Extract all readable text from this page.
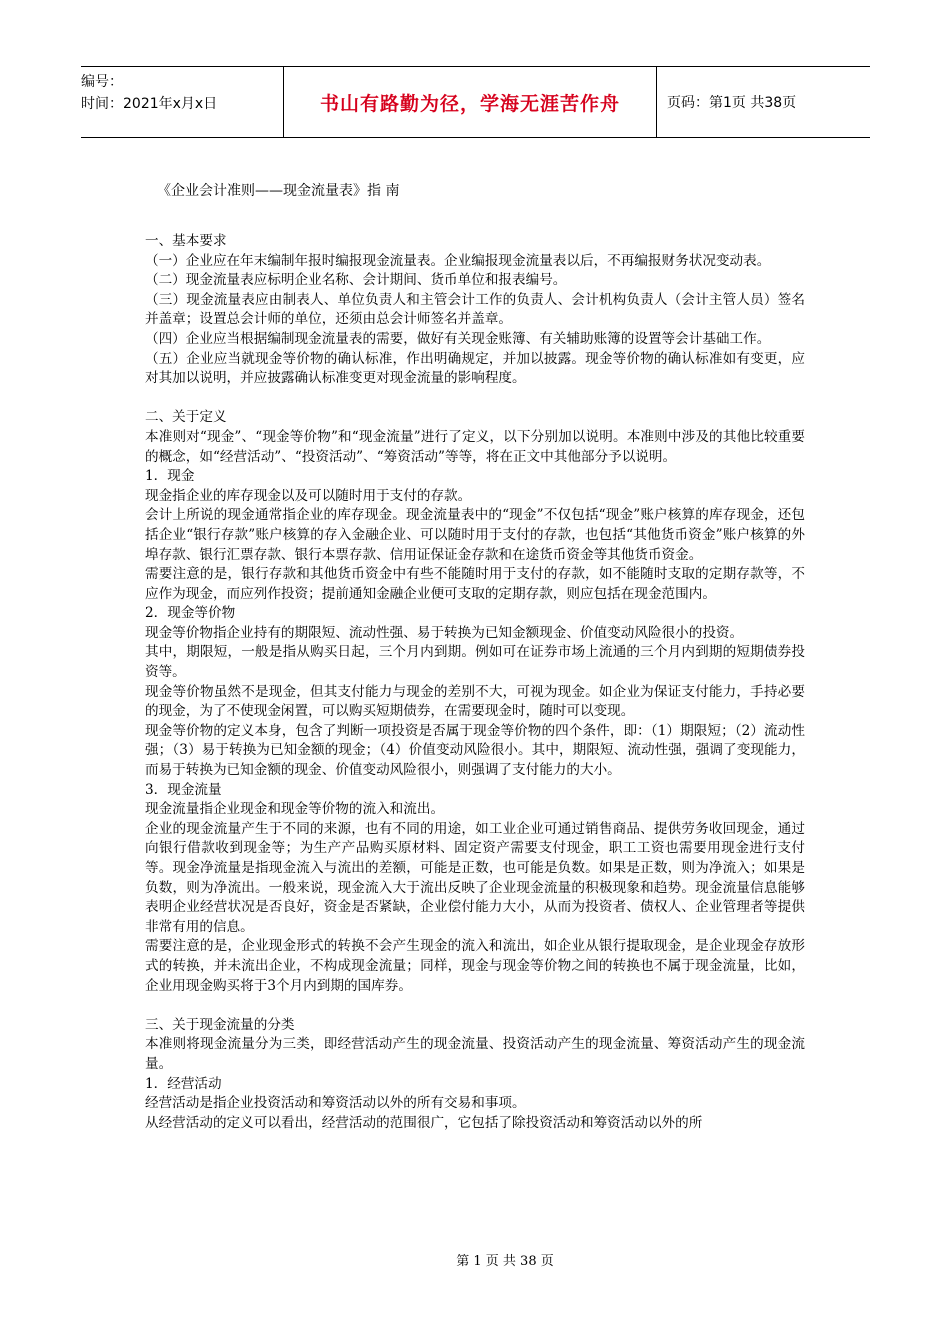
编号：
时间：2021年x月x日	书山有路勤为径，学海无涯苦作舟	页码：第1页 共38页
《企业会计准则——现金流量表》指 南

一、基本要求

（一）企业应在年末编制年报时编报现金流量表。企业编报现金流量表以后，不再编报财务状况变动表。

（二）现金流量表应标明企业名称、会计期间、货币单位和报表编号。

（三）现金流量表应由制表人、单位负责人和主管会计工作的负责人、会计机构负责人（会计主管人员）签名并盖章；设置总会计师的单位，还须由总会计师签名并盖章。

（四）企业应当根据编制现金流量表的需要，做好有关现金账簿、有关辅助账簿的设置等会计基础工作。

（五）企业应当就现金等价物的确认标准，作出明确规定，并加以披露。现金等价物的确认标准如有变更，应对其加以说明，并应披露确认标准变更对现金流量的影响程度。

二、关于定义

本准则对“现金”、“现金等价物”和“现金流量”进行了定义，以下分别加以说明。本准则中涉及的其他比较重要的概念，如“经营活动”、“投资活动”、“筹资活动”等等，将在正文中其他部分予以说明。

1．现金

现金指企业的库存现金以及可以随时用于支付的存款。

会计上所说的现金通常指企业的库存现金。现金流量表中的“现金”不仅包括“现金”账户核算的库存现金，还包括企业“银行存款”账户核算的存入金融企业、可以随时用于支付的存款，也包括“其他货币资金”账户核算的外埠存款、银行汇票存款、银行本票存款、信用证保证金存款和在途货币资金等其他货币资金。

需要注意的是，银行存款和其他货币资金中有些不能随时用于支付的存款，如不能随时支取的定期存款等，不应作为现金，而应列作投资；提前通知金融企业便可支取的定期存款，则应包括在现金范围内。

2．现金等价物

现金等价物指企业持有的期限短、流动性强、易于转换为已知金额现金、价值变动风险很小的投资。

其中，期限短，一般是指从购买日起，三个月内到期。例如可在证券市场上流通的三个月内到期的短期债券投资等。

现金等价物虽然不是现金，但其支付能力与现金的差别不大，可视为现金。如企业为保证支付能力，手持必要的现金，为了不使现金闲置，可以购买短期债券，在需要现金时，随时可以变现。

现金等价物的定义本身，包含了判断一项投资是否属于现金等价物的四个条件，即：（1）期限短；（2）流动性强；（3）易于转换为已知金额的现金；（4）价值变动风险很小。其中，期限短、流动性强，强调了变现能力，而易于转换为已知金额的现金、价值变动风险很小，则强调了支付能力的大小。

3．现金流量

现金流量指企业现金和现金等价物的流入和流出。

企业的现金流量产生于不同的来源，也有不同的用途，如工业企业可通过销售商品、提供劳务收回现金，通过向银行借款收到现金等；为生产产品购买原材料、固定资产需要支付现金，职工工资也需要用现金进行支付等。现金净流量是指现金流入与流出的差额，可能是正数，也可能是负数。如果是正数，则为净流入；如果是负数，则为净流出。一般来说，现金流入大于流出反映了企业现金流量的积极现象和趋势。现金流量信息能够表明企业经营状况是否良好，资金是否紧缺，企业偿付能力大小，从而为投资者、债权人、企业管理者等提供非常有用的信息。

需要注意的是，企业现金形式的转换不会产生现金的流入和流出，如企业从银行提取现金，是企业现金存放形式的转换，并未流出企业，不构成现金流量；同样，现金与现金等价物之间的转换也不属于现金流量，比如，企业用现金购买将于3个月内到期的国库券。

三、关于现金流量的分类

本准则将现金流量分为三类，即经营活动产生的现金流量、投资活动产生的现金流量、筹资活动产生的现金流量。

1．经营活动

经营活动是指企业投资活动和筹资活动以外的所有交易和事项。

从经营活动的定义可以看出，经营活动的范围很广，它包括了除投资活动和筹资活动以外的所

第 1 页 共 38 页
